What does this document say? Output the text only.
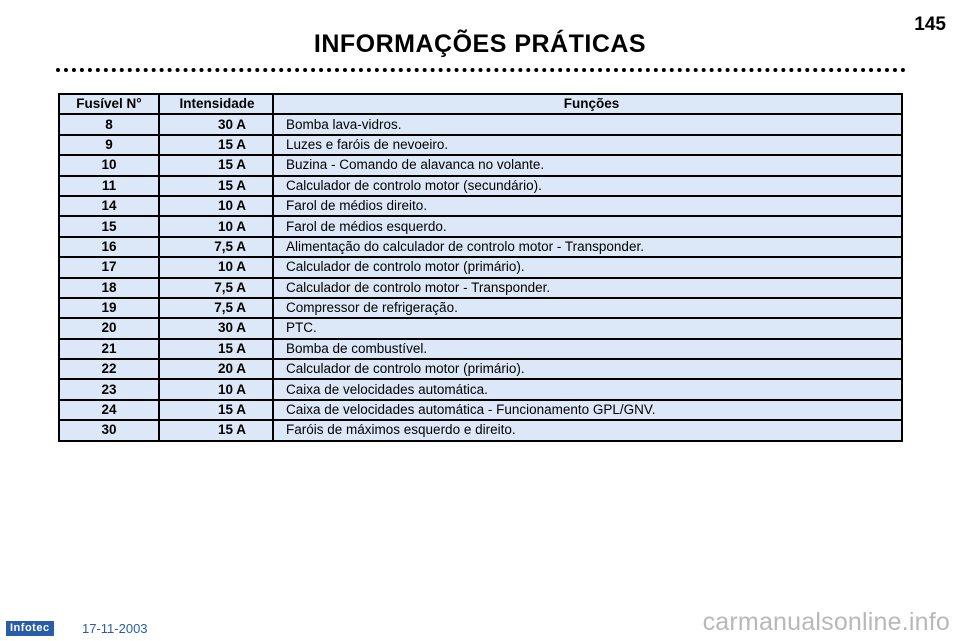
145
INFORMAÇÕES PRÁTICAS
Fusível N°	Intensidade	Funções
8	30 A	Bomba lava-vidros.
9	15 A	Luzes e faróis de nevoeiro.
10	15 A	Buzina - Comando de alavanca no volante.
11	15 A	Calculador de controlo motor (secundário).
14	10 A	Farol de médios direito.
15	10 A	Farol de médios esquerdo.
16	7,5 A	Alimentação do calculador de controlo motor - Transponder.
17	10 A	Calculador de controlo motor (primário).
18	7,5 A	Calculador de controlo motor - Transponder.
19	7,5 A	Compressor de refrigeração.
20	30 A	PTC.
21	15 A	Bomba de combustível.
22	20 A	Calculador de controlo motor (primário).
23	10 A	Caixa de velocidades automática.
24	15 A	Caixa de velocidades automática - Funcionamento GPL/GNV.
30	15 A	Faróis de máximos esquerdo e direito.
Infotec	17-11-2003	carmanualsonline.info
